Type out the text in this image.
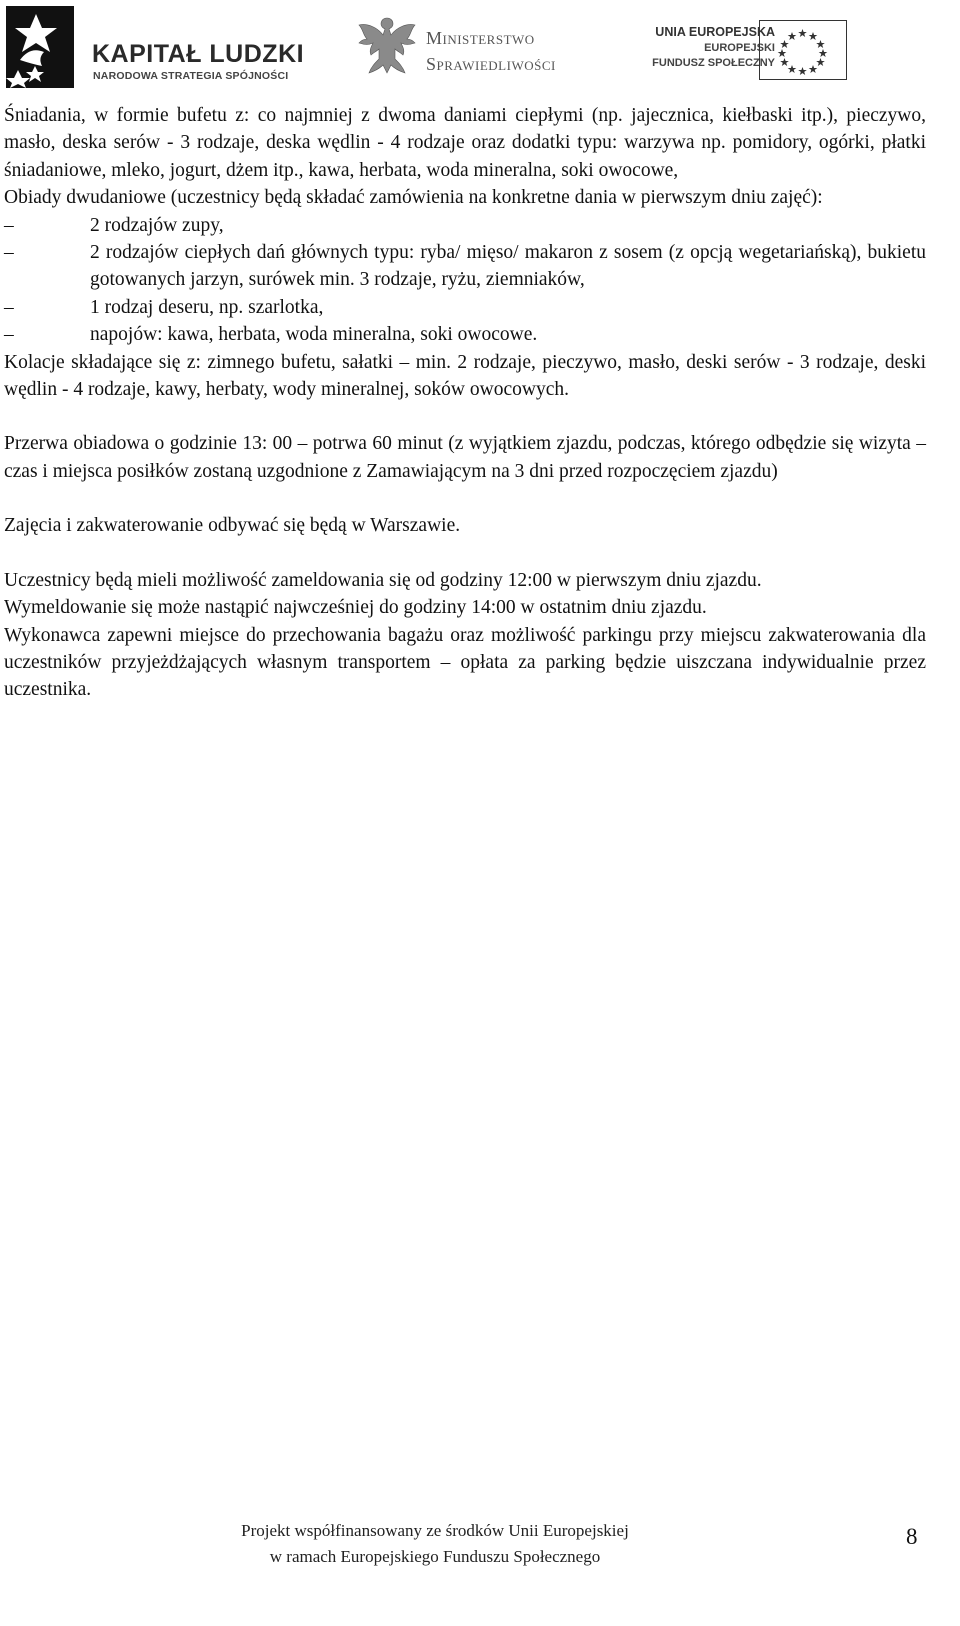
KAPITAŁ LUDZKI
NARODOWA STRATEGIA SPÓJNOŚCI
Ministerstwo
Sprawiedliwości
UNIA EUROPEJSKA
EUROPEJSKI
FUNDUSZ SPOŁECZNY

Śniadania, w formie bufetu z: co najmniej z dwoma daniami ciepłymi (np. jajecznica, kiełbaski itp.), pieczywo, masło, deska serów - 3 rodzaje, deska wędlin - 4 rodzaje oraz dodatki typu: warzywa np. pomidory, ogórki, płatki śniadaniowe, mleko, jogurt, dżem itp., kawa, herbata, woda mineralna, soki owocowe,

Obiady dwudaniowe (uczestnicy będą składać zamówienia na konkretne dania w pierwszym dniu zajęć):

–	2 rodzajów zupy,
–	2 rodzajów ciepłych dań głównych typu: ryba/ mięso/ makaron z sosem (z opcją wegetariańską), bukietu gotowanych jarzyn, surówek min. 3 rodzaje, ryżu, ziemniaków,
–	1 rodzaj deseru, np. szarlotka,
–	napojów: kawa, herbata, woda mineralna, soki owocowe.

Kolacje składające się z: zimnego bufetu, sałatki – min. 2 rodzaje, pieczywo, masło, deski serów - 3 rodzaje, deski wędlin - 4 rodzaje, kawy, herbaty, wody mineralnej, soków owocowych.

Przerwa obiadowa o godzinie 13: 00 – potrwa 60 minut (z wyjątkiem zjazdu, podczas, którego odbędzie się wizyta – czas i miejsca posiłków zostaną uzgodnione z Zamawiającym na 3 dni przed rozpoczęciem zjazdu)

Zajęcia i zakwaterowanie odbywać się będą w Warszawie.

Uczestnicy będą mieli możliwość zameldowania się od godziny 12:00 w pierwszym dniu zjazdu.

Wymeldowanie się może nastąpić najwcześniej do godziny 14:00 w ostatnim dniu zjazdu.

Wykonawca zapewni miejsce do przechowania bagażu oraz możliwość parkingu przy miejscu zakwaterowania dla uczestników przyjeżdżających własnym transportem – opłata za parking będzie uiszczana indywidualnie przez uczestnika.

Projekt współfinansowany ze środków Unii Europejskiej
w ramach Europejskiego Funduszu Społecznego
8
